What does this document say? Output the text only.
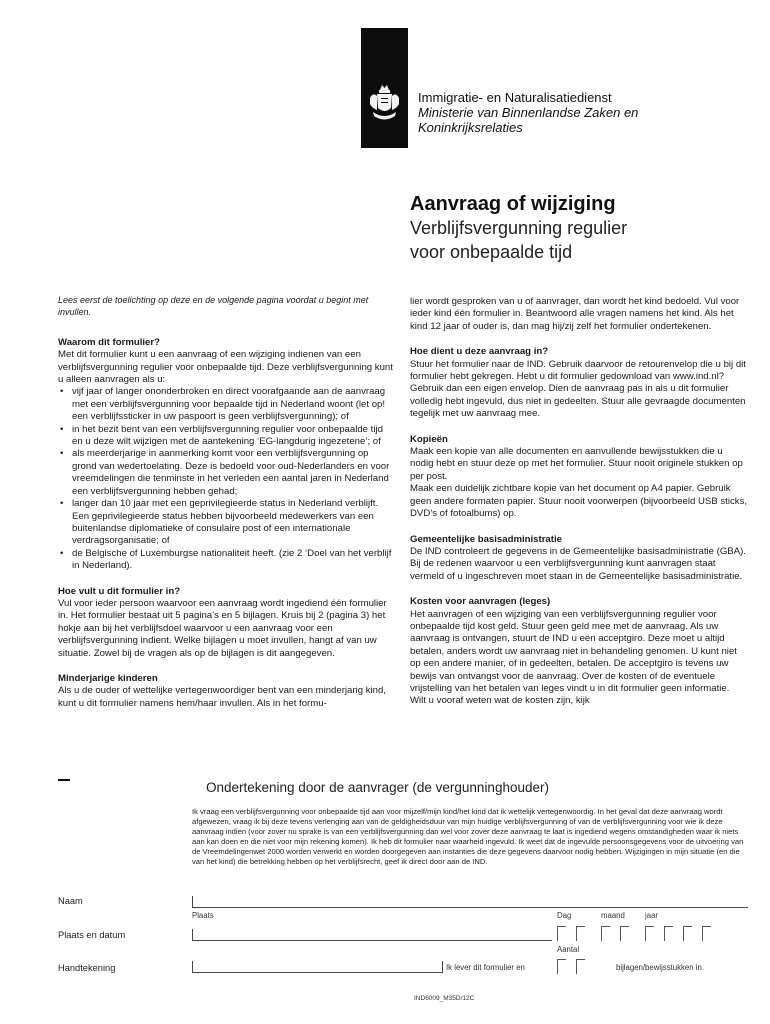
Immigratie- en Naturalisatiedienst
Ministerie van Binnenlandse Zaken en
Koninkrijksrelaties
Aanvraag of wijziging
Verblijfsvergunning regulier
voor onbepaalde tijd
Lees eerst de toelichting op deze en de volgende pagina voordat u begint met invullen.
Waarom dit formulier?
Met dit formulier kunt u een aanvraag of een wijziging indienen van een verblijfsvergunning regulier voor onbepaalde tijd. Deze verblijfsvergunning kunt u alleen aanvragen als u:
• vijf jaar of langer ononderbroken en direct voorafgaande aan de aanvraag met een verblijfsvergunning voor bepaalde tijd in Nederland woont (let op! een verblijfssticker in uw paspoort is geen verblijfsvergunning); of
• in het bezit bent van een verblijfsvergunning regulier voor onbepaalde tijd en u deze wilt wijzigen met de aantekening ‘EG-langdurig ingezetene’; of
• als meerderjarige in aanmerking komt voor een verblijfsvergunning op grond van wedertoelating. Deze is bedoeld voor oud-Nederlanders en voor vreemdelingen die tenminste in het verleden een aantal jaren in Nederland een verblijfsvergunning hebben gehad;
• langer dan 10 jaar met een geprivilegieerde status in Nederland verblijft. Een geprivilegieerde status hebben bijvoorbeeld medewerkers van een buitenlandse diplomatieke of consulaire post of een internationale verdragsorganisatie; of
• de Belgische of Luxemburgse nationaliteit heeft. (zie 2 ‘Doel van het verblijf in Nederland).
Hoe vult u dit formulier in?
Vul voor ieder persoon waarvoor een aanvraag wordt ingediend één formulier in. Het formulier bestaat uit 5 pagina’s en 5 bijlagen. Kruis bij 2 (pagina 3) het hokje aan bij het verblijfsdoel waarvoor u een aanvraag voor een verblijfsvergunning indient. Welke bijlagen u moet invullen, hangt af van uw situatie. Zowel bij de vragen als op de bijlagen is dit aangegeven.
Minderjarige kinderen
Als u de ouder of wettelijke vertegenwoordiger bent van een minderjarig kind, kunt u dit formulier namens hem/haar invullen. Als in het formu-
lier wordt gesproken van u of aanvrager, dan wordt het kind bedoeld. Vul voor ieder kind één formulier in. Beantwoord alle vragen namens het kind. Als het kind 12 jaar of ouder is, dan mag hij/zij zelf het formulier ondertekenen.
Hoe dient u deze aanvraag in?
Stuur het formulier naar de IND. Gebruik daarvoor de retourenvelop die u bij dit formulier hebt gekregen. Hebt u dit formulier gedownload van www.ind.nl? Gebruik dan een eigen envelop. Dien de aanvraag pas in als u dit formulier volledig hebt ingevuld, dus niet in gedeelten. Stuur alle gevraagde documenten tegelijk met uw aanvraag mee.
Kopieën
Maak een kopie van alle documenten en aanvullende bewijsstukken die u nodig hebt en stuur deze op met het formulier. Stuur nooit originele stukken op per post.
Maak een duidelijk zichtbare kopie van het document op A4 papier. Gebruik geen andere formaten papier. Stuur nooit voorwerpen (bijvoorbeeld USB sticks, DVD’s of fotoalbums) op.
Gemeentelijke basisadministratie
De IND controleert de gegevens in de Gemeentelijke basisadministratie (GBA). Bij de redenen waarvoor u een verblijfsvergunning kunt aanvragen staat vermeld of u ingeschreven moet staan in de Gemeentelijke basisadministratie.
Kosten voor aanvragen (leges)
Het aanvragen of een wijziging van een verblijfsvergunning regulier voor onbepaalde tijd kost geld. Stuur geen geld mee met de aanvraag. Als uw aanvraag is ontvangen, stuurt de IND u een acceptgiro. Deze moet u altijd betalen, anders wordt uw aanvraag niet in behandeling genomen. U kunt niet op een andere manier, of in gedeelten, betalen. De acceptgiro is tevens uw bewijs van ontvangst voor de aanvraag. Over de kosten of de eventuele vrijstelling van het betalen van leges vindt u in dit formulier geen informatie. Wilt u vooraf weten wat de kosten zijn, kijk
Ondertekening door de aanvrager (de vergunninghouder)
Ik vraag een verblijfsvergunning voor onbepaalde tijd aan voor mijzelf/mijn kind/het kind dat ik wettelijk vertegenwoordig. In het geval dat deze aanvraag wordt afgewezen, vraag ik bij deze tevens verlenging aan van de geldigheidsduur van mijn huidige verblijfsvergunning of van de verblijfsvergunning voor wie ik deze aanvraag indien (voor zover nu sprake is van een verblijfsvergunning dan wel voor zover deze aanvraag te laat is ingediend wegens omstandigheden waar ik niets aan kan doen en die niet voor mijn rekening komen). Ik heb dit formulier naar waarheid ingevuld. Ik weet dat de ingevulde persoonsgegevens voor de uitvoering van de Vreemdelingenwet 2000 worden verwerkt en worden doorgegeven aan instanties die deze gegevens daarvoor nodig hebben. Wijzigingen in mijn situatie (en die van het kind) die betrekking hebben op het verblijfsrecht, geef ik direct door aan de IND.
Naam
Plaats	Dag	maand	jaar
Plaats en datum
Aantal
Handtekening	Ik lever dit formulier en	bijlagen/bewijsstukken in.
IND6009_M35D/12C
